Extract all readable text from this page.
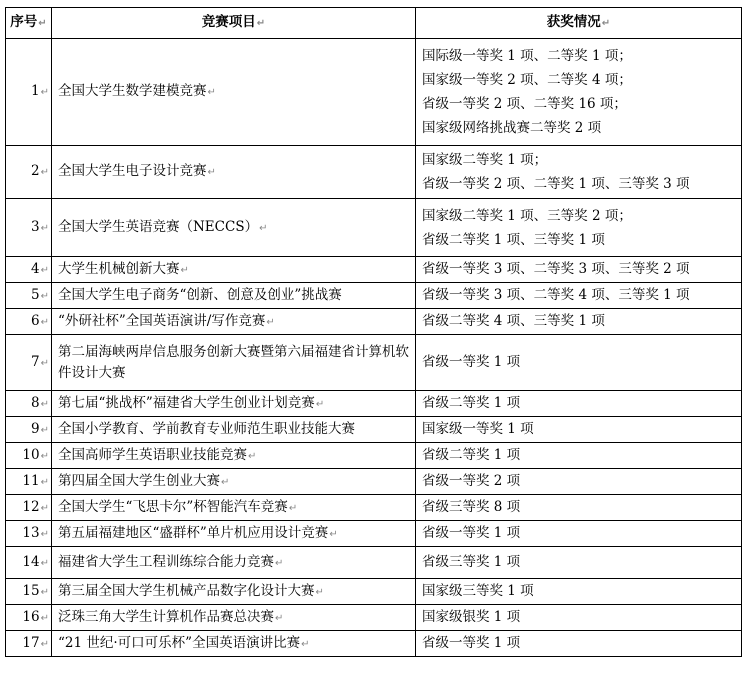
序号↵	竞赛项目↵	获奖情况↵
1↵	全国大学生数学建模竞赛↵	国际级一等奖 1 项、二等奖 1 项；
国家级一等奖 2 项、二等奖 4 项；
省级一等奖 2 项、二等奖 16 项；
国家级网络挑战赛二等奖 2 项

2↵	全国大学生电子设计竞赛↵	国家级二等奖 1 项；
省级一等奖 2 项、二等奖 1 项、三等奖 3 项

3↵	全国大学生英语竞赛（NECCS）↵	国家级二等奖 1 项、三等奖 2 项；
省级二等奖 1 项、三等奖 1 项

4↵	大学生机械创新大赛↵	省级一等奖 3 项、二等奖 3 项、三等奖 2 项
5↵	全国大学生电子商务“创新、创意及创业”挑战赛	省级一等奖 3 项、二等奖 4 项、三等奖 1 项
6↵	“外研社杯”全国英语演讲/写作竞赛↵	省级二等奖 4 项、三等奖 1 项
7↵	第二届海峡两岸信息服务创新大赛暨第六届福建省计算机软件设计大赛	省级一等奖 1 项
8↵	第七届“挑战杯”福建省大学生创业计划竞赛↵	省级二等奖 1 项
9↵	全国小学教育、学前教育专业师范生职业技能大赛	国家级一等奖 1 项
10↵	全国高师学生英语职业技能竞赛↵	省级二等奖 1 项
11↵	第四届全国大学生创业大赛↵	省级一等奖 2 项
12↵	全国大学生“飞思卡尔”杯智能汽车竞赛↵	省级三等奖 8 项
13↵	第五届福建地区“盛群杯”单片机应用设计竞赛↵	省级一等奖 1 项
14↵	福建省大学生工程训练综合能力竞赛↵	省级三等奖 1 项
15↵	第三届全国大学生机械产品数字化设计大赛↵	国家级三等奖 1 项
16↵	泛珠三角大学生计算机作品赛总决赛↵	国家级银奖 1 项
17↵	“21 世纪·可口可乐杯”全国英语演讲比赛↵	省级一等奖 1 项
